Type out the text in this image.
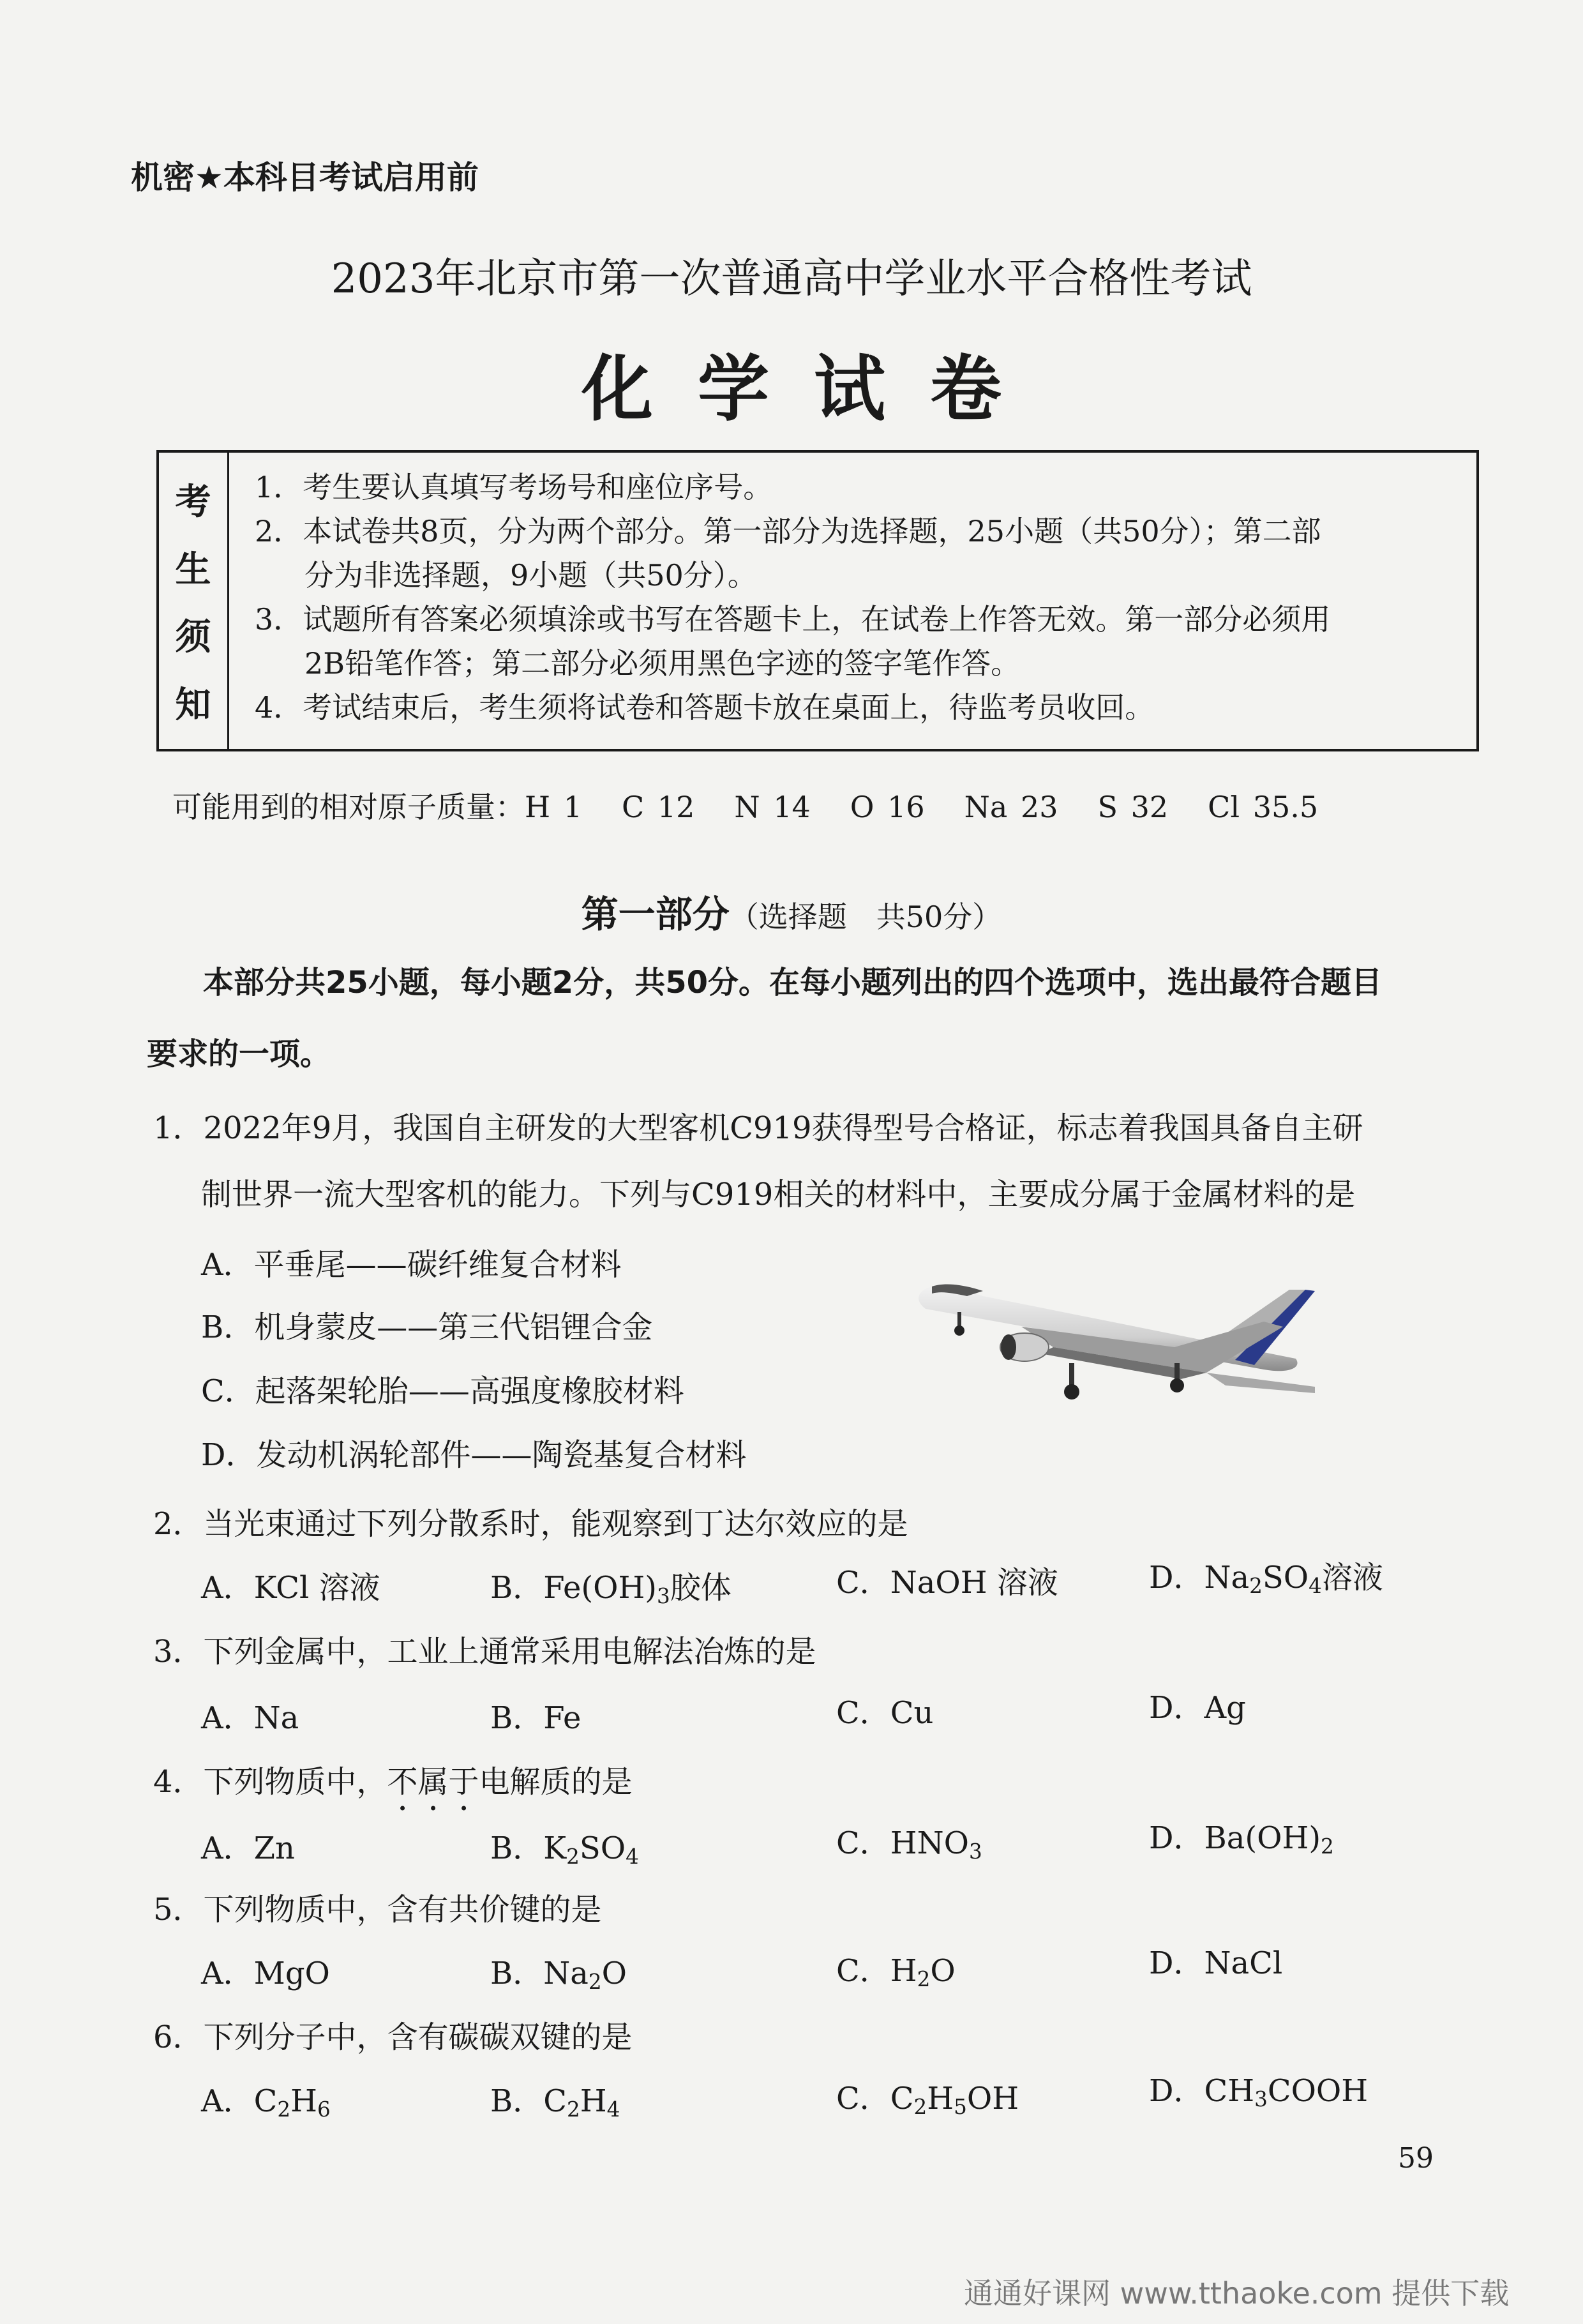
机密★本科目考试启用前
2023年北京市第一次普通高中学业水平合格性考试
化学试卷
考
生
须
知
1．考生要认真填写考场号和座位序号。
2．本试卷共8页，分为两个部分。第一部分为选择题，25小题（共50分）；第二部
分为非选择题，9小题（共50分）。
3．试题所有答案必须填涂或书写在答题卡上，在试卷上作答无效。第一部分必须用
2B铅笔作答；第二部分必须用黑色字迹的签字笔作答。
4．考试结束后，考生须将试卷和答题卡放在桌面上，待监考员收回。
可能用到的相对原子质量：H 1 C 12 N 14 O 16 Na 23 S 32 Cl 35.5
第一部分（选择题　共50分）
本部分共25小题，每小题2分，共50分。在每小题列出的四个选项中，选出最符合题目
要求的一项。
1．2022年9月，我国自主研发的大型客机C919获得型号合格证，标志着我国具备自主研
制世界一流大型客机的能力。下列与C919相关的材料中，主要成分属于金属材料的是
A．平垂尾——碳纤维复合材料
B．机身蒙皮——第三代铝锂合金
C．起落架轮胎——高强度橡胶材料
D．发动机涡轮部件——陶瓷基复合材料
2．当光束通过下列分散系时，能观察到丁达尔效应的是
A．KCl 溶液	B．$Fe(OH)_3$胶体	C．NaOH 溶液	D．$Na_2SO_4$溶液
3．下列金属中，工业上通常采用电解法冶炼的是
A．Na	B．Fe	C．Cu	D．Ag
4．下列物质中，不属于电解质的是
A．Zn	B．$K_2SO_4$	C．$HNO_3$	D．$Ba(OH)_2$
5．下列物质中，含有共价键的是
A．MgO	B．$Na_2O$	C．$H_2O$	D．NaCl
6．下列分子中，含有碳碳双键的是
A．$C_2H_6$	B．$C_2H_4$	C．$C_2H_5OH$	D．$CH_3COOH$
59
通通好课网 www.tthaoke.com 提供下载
